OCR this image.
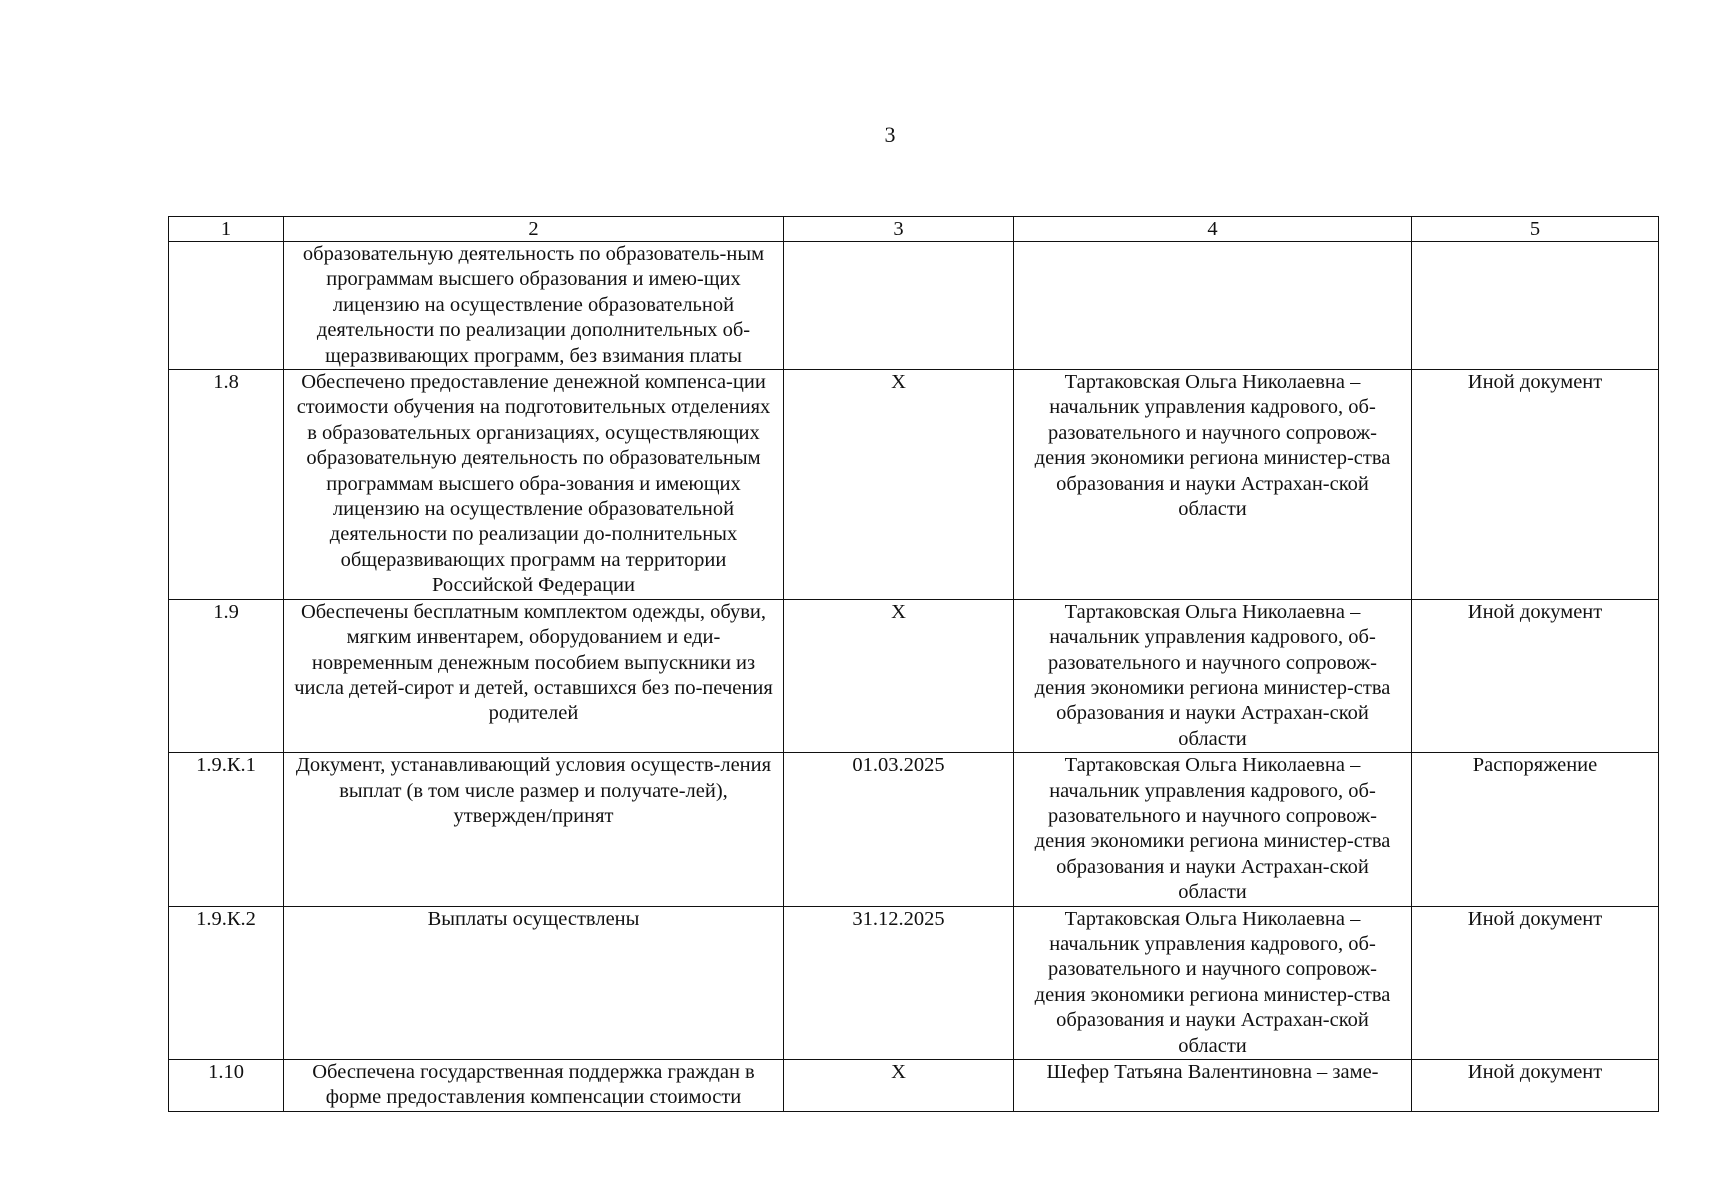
3
1	2	3	4	5
	образовательную деятельность по образователь-ным программам высшего образования и имею-щих лицензию на осуществление образовательной деятельности по реализации дополнительных об-щеразвивающих программ, без взимания платы			
1.8	Обеспечено предоставление денежной компенса-ции стоимости обучения на подготовительных отделениях в образовательных организациях, осуществляющих образовательную деятельность по образовательным программам высшего обра-зования и имеющих лицензию на осуществление образовательной деятельности по реализации до-полнительных общеразвивающих программ на территории Российской Федерации	Х	Тартаковская Ольга Николаевна – начальник управления кадрового, об-разовательного и научного сопровож-дения экономики региона министер-ства образования и науки Астрахан-ской области	Иной документ
1.9	Обеспечены бесплатным комплектом одежды, обуви, мягким инвентарем, оборудованием и еди-новременным денежным пособием выпускники из числа детей-сирот и детей, оставшихся без по-печения родителей	Х	Тартаковская Ольга Николаевна – начальник управления кадрового, об-разовательного и научного сопровож-дения экономики региона министер-ства образования и науки Астрахан-ской области	Иной документ
1.9.К.1	Документ, устанавливающий условия осуществ-ления выплат (в том числе размер и получате-лей), утвержден/принят	01.03.2025	Тартаковская Ольга Николаевна – начальник управления кадрового, об-разовательного и научного сопровож-дения экономики региона министер-ства образования и науки Астрахан-ской области	Распоряжение
1.9.К.2	Выплаты осуществлены	31.12.2025	Тартаковская Ольга Николаевна – начальник управления кадрового, об-разовательного и научного сопровож-дения экономики региона министер-ства образования и науки Астрахан-ской области	Иной документ
1.10	Обеспечена государственная поддержка граждан в форме предоставления компенсации стоимости	Х	Шефер Татьяна Валентиновна – заме-	Иной документ
